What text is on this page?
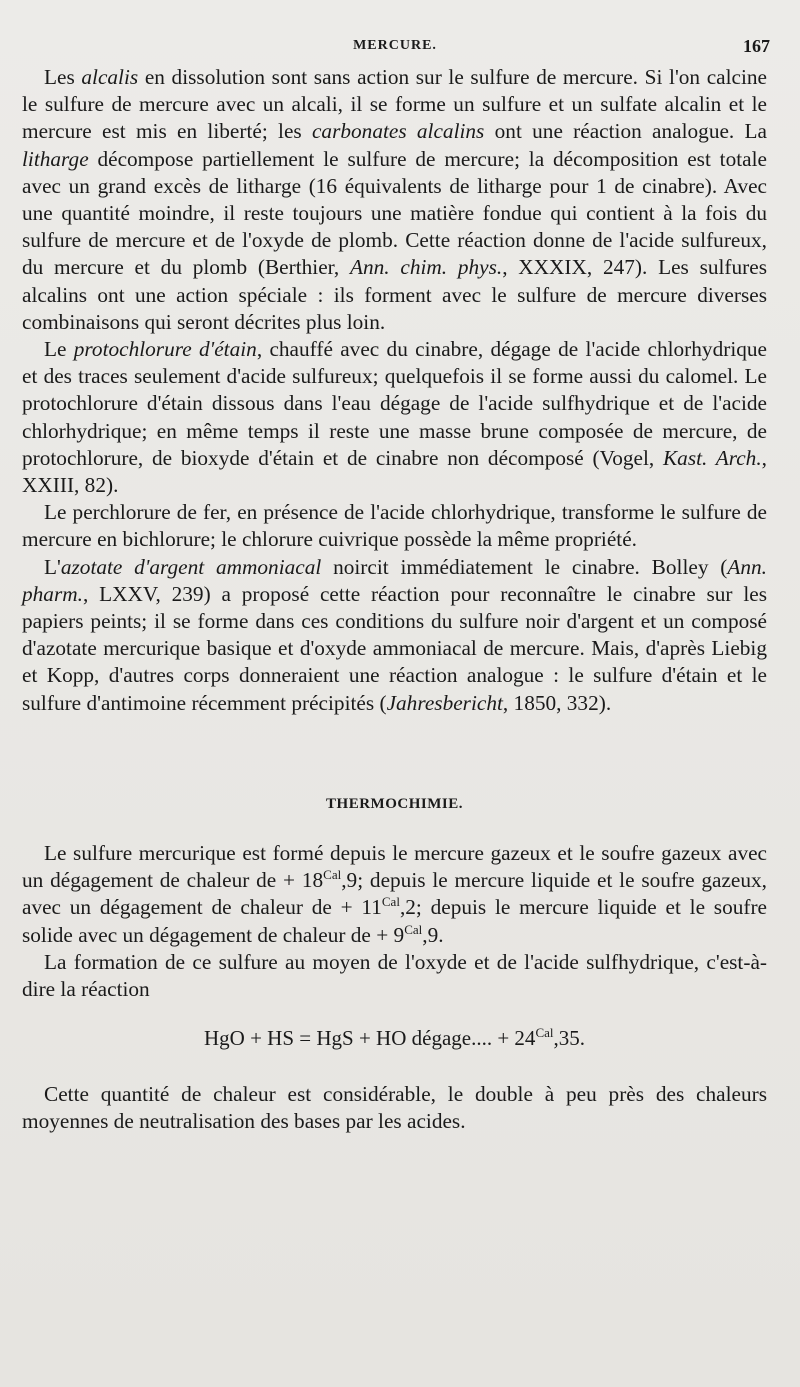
MERCURE.	167

Les alcalis en dissolution sont sans action sur le sulfure de mercure. Si l'on calcine le sulfure de mercure avec un alcali, il se forme un sulfure et un sulfate alcalin et le mercure est mis en liberté; les carbonates alcalins ont une réaction analogue. La litharge décompose partiellement le sulfure de mercure; la décomposition est totale avec un grand excès de litharge (16 équivalents de litharge pour 1 de cinabre). Avec une quantité moindre, il reste toujours une matière fondue qui contient à la fois du sulfure de mercure et de l'oxyde de plomb. Cette réaction donne de l'acide sulfureux, du mercure et du plomb (Berthier, Ann. chim. phys., XXXIX, 247). Les sulfures alcalins ont une action spéciale : ils forment avec le sulfure de mercure diverses combinaisons qui seront décrites plus loin.

Le protochlorure d'étain, chauffé avec du cinabre, dégage de l'acide chlorhydrique et des traces seulement d'acide sulfureux; quelquefois il se forme aussi du calomel. Le protochlorure d'étain dissous dans l'eau dégage de l'acide sulfhydrique et de l'acide chlorhydrique; en même temps il reste une masse brune composée de mercure, de protochlorure, de bioxyde d'étain et de cinabre non décomposé (Vogel, Kast. Arch., XXIII, 82).

Le perchlorure de fer, en présence de l'acide chlorhydrique, transforme le sulfure de mercure en bichlorure; le chlorure cuivrique possède la même propriété.

L'azotate d'argent ammoniacal noircit immédiatement le cinabre. Bolley (Ann. pharm., LXXV, 239) a proposé cette réaction pour reconnaître le cinabre sur les papiers peints; il se forme dans ces conditions du sulfure noir d'argent et un composé d'azotate mercurique basique et d'oxyde ammoniacal de mercure. Mais, d'après Liebig et Kopp, d'autres corps donneraient une réaction analogue : le sulfure d'étain et le sulfure d'antimoine récemment précipités (Jahresbericht, 1850, 332).

THERMOCHIMIE.

Le sulfure mercurique est formé depuis le mercure gazeux et le soufre gazeux avec un dégagement de chaleur de + $18^{Cal},9$; depuis le mercure liquide et le soufre gazeux, avec un dégagement de chaleur de + $11^{Cal},2$; depuis le mercure liquide et le soufre solide avec un dégagement de chaleur de + $9^{Cal},9$.

La formation de ce sulfure au moyen de l'oxyde et de l'acide sulfhydrique, c'est-à-dire la réaction

HgO + HS = HgS + HO dégage.... + $24^{Cal},35$.

Cette quantité de chaleur est considérable, le double à peu près des chaleurs moyennes de neutralisation des bases par les acides.
